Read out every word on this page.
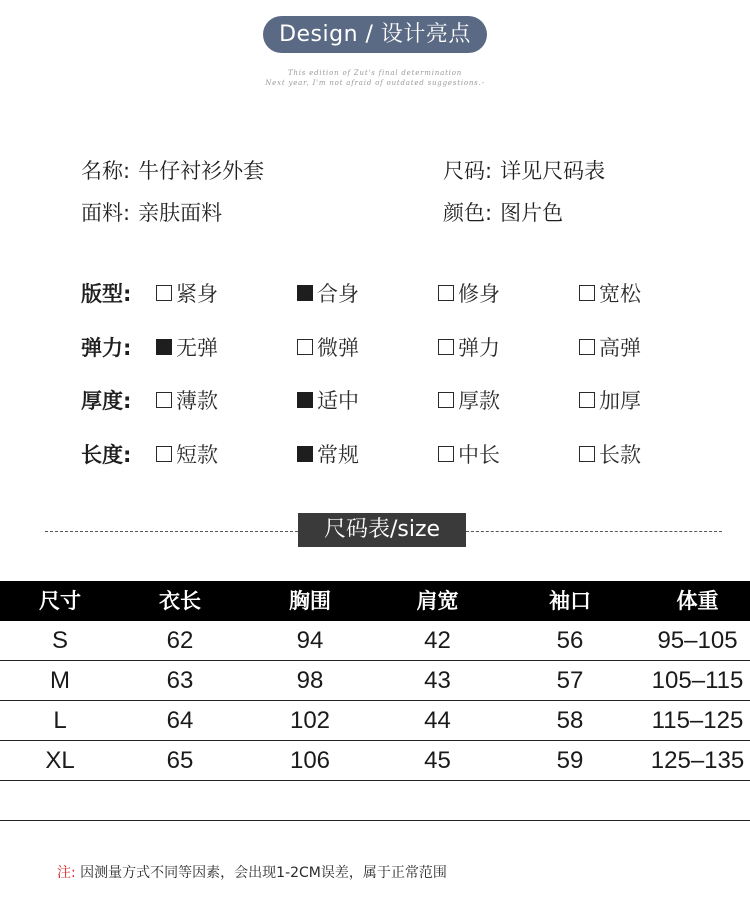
Design / 设计亮点
This edition of Zut's final determination
Next year, I'm not afraid of outdated suggestions.-
名称: 牛仔衬衫外套	尺码: 详见尺码表
面料: 亲肤面料	颜色: 图片色
版型: 紧身	合身	修身	宽松
弹力: 无弹	微弹	弹力	高弹
厚度: 薄款	适中	厚款	加厚
长度: 短款	常规	中长	长款
尺码表/size
尺寸	衣长	胸围	肩宽	袖口	体重
S	62	94	42	56	95–105
M	63	98	43	57	105–115
L	64	102	44	58	115–125
XL	65	106	45	59	125–135
注: 因测量方式不同等因素，会出现1-2CM误差，属于正常范围
